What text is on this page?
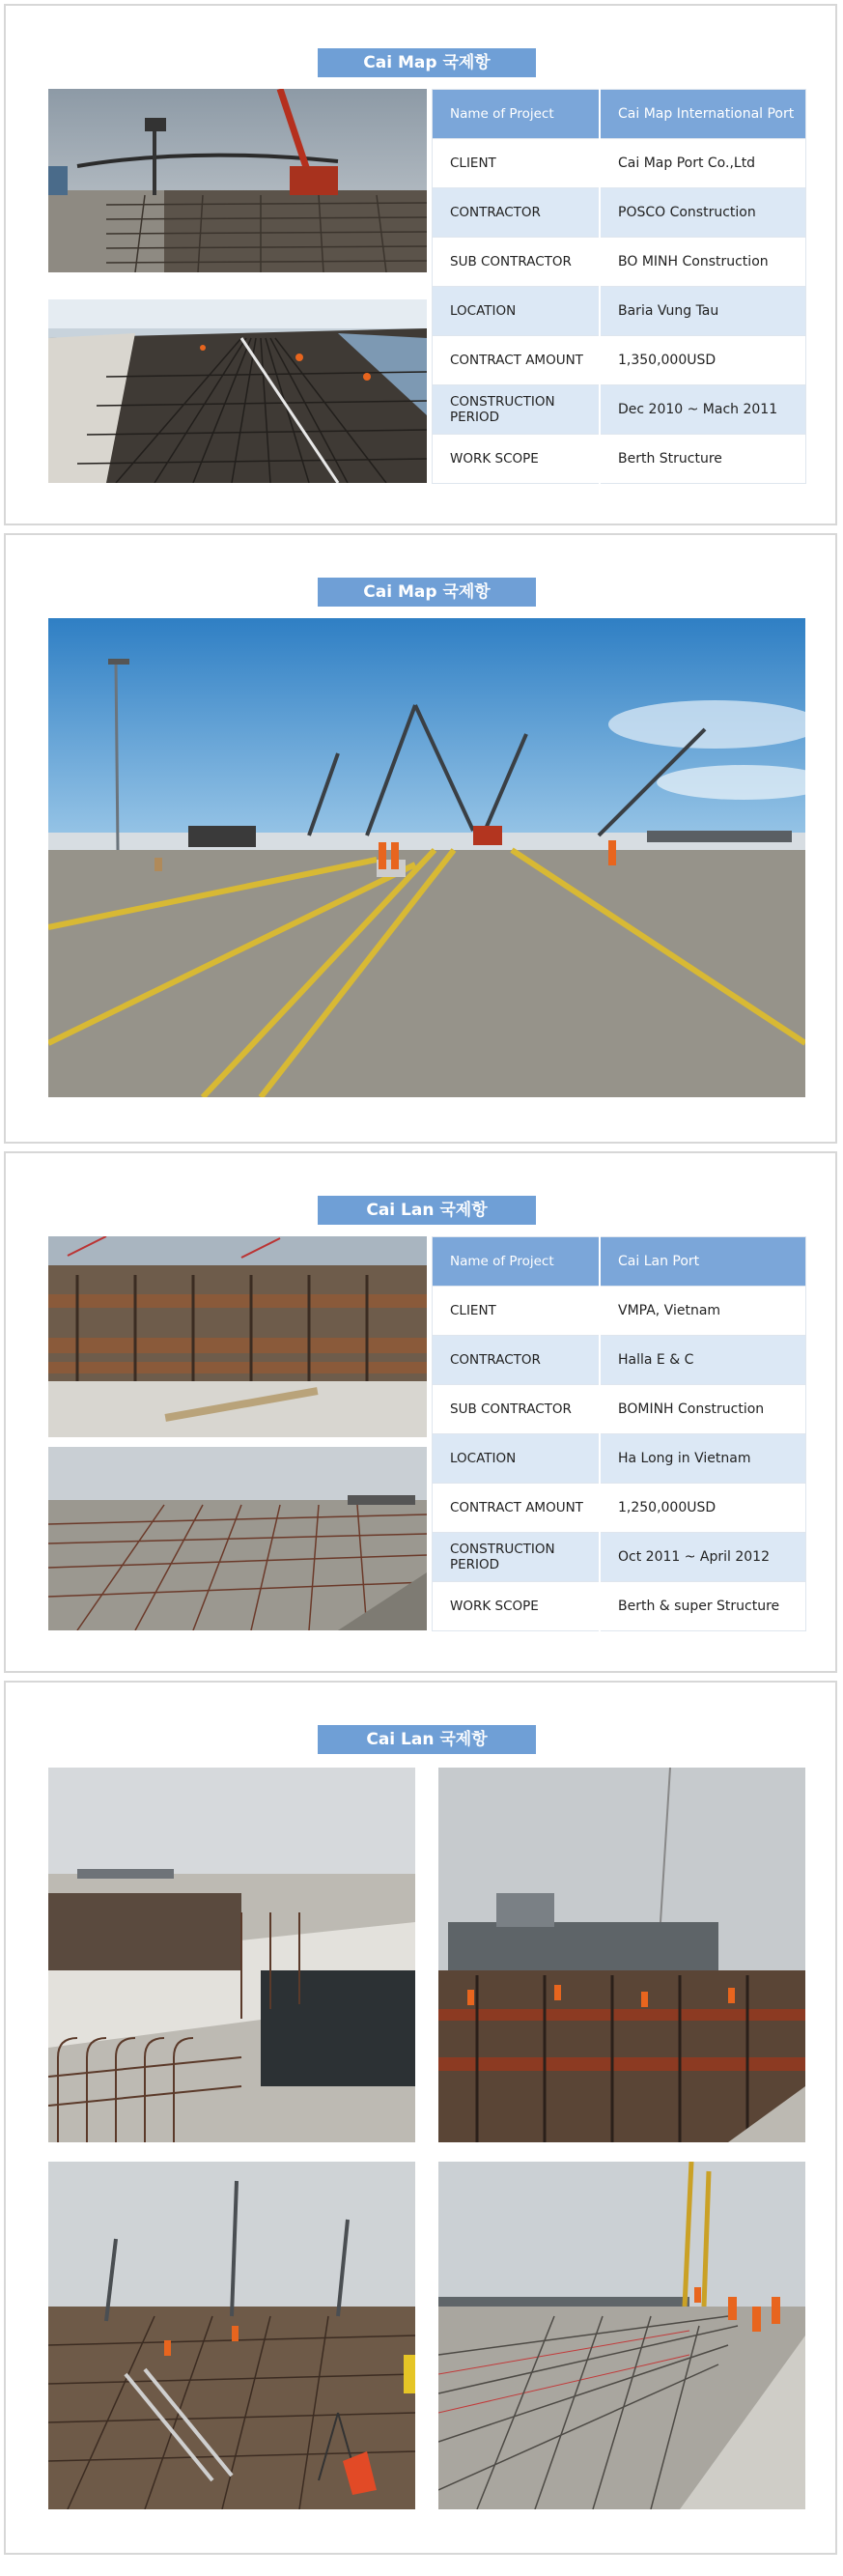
Cai Map 국제항
Name of Project	Cai Map International Port
CLIENT	Cai Map Port Co.,Ltd
CONTRACTOR	POSCO Construction
SUB CONTRACTOR	BO MINH Construction
LOCATION	Baria Vung Tau
CONTRACT AMOUNT	1,350,000USD
CONSTRUCTION PERIOD	Dec 2010 ~ Mach 2011
WORK SCOPE	Berth Structure
Cai Map 국제항
Cai Lan 국제항
Name of Project	Cai Lan Port
CLIENT	VMPA, Vietnam
CONTRACTOR	Halla E & C
SUB CONTRACTOR	BOMINH Construction
LOCATION	Ha Long in Vietnam
CONTRACT AMOUNT	1,250,000USD
CONSTRUCTION PERIOD	Oct 2011 ~ April 2012
WORK SCOPE	Berth & super Structure
Cai Lan 국제항
